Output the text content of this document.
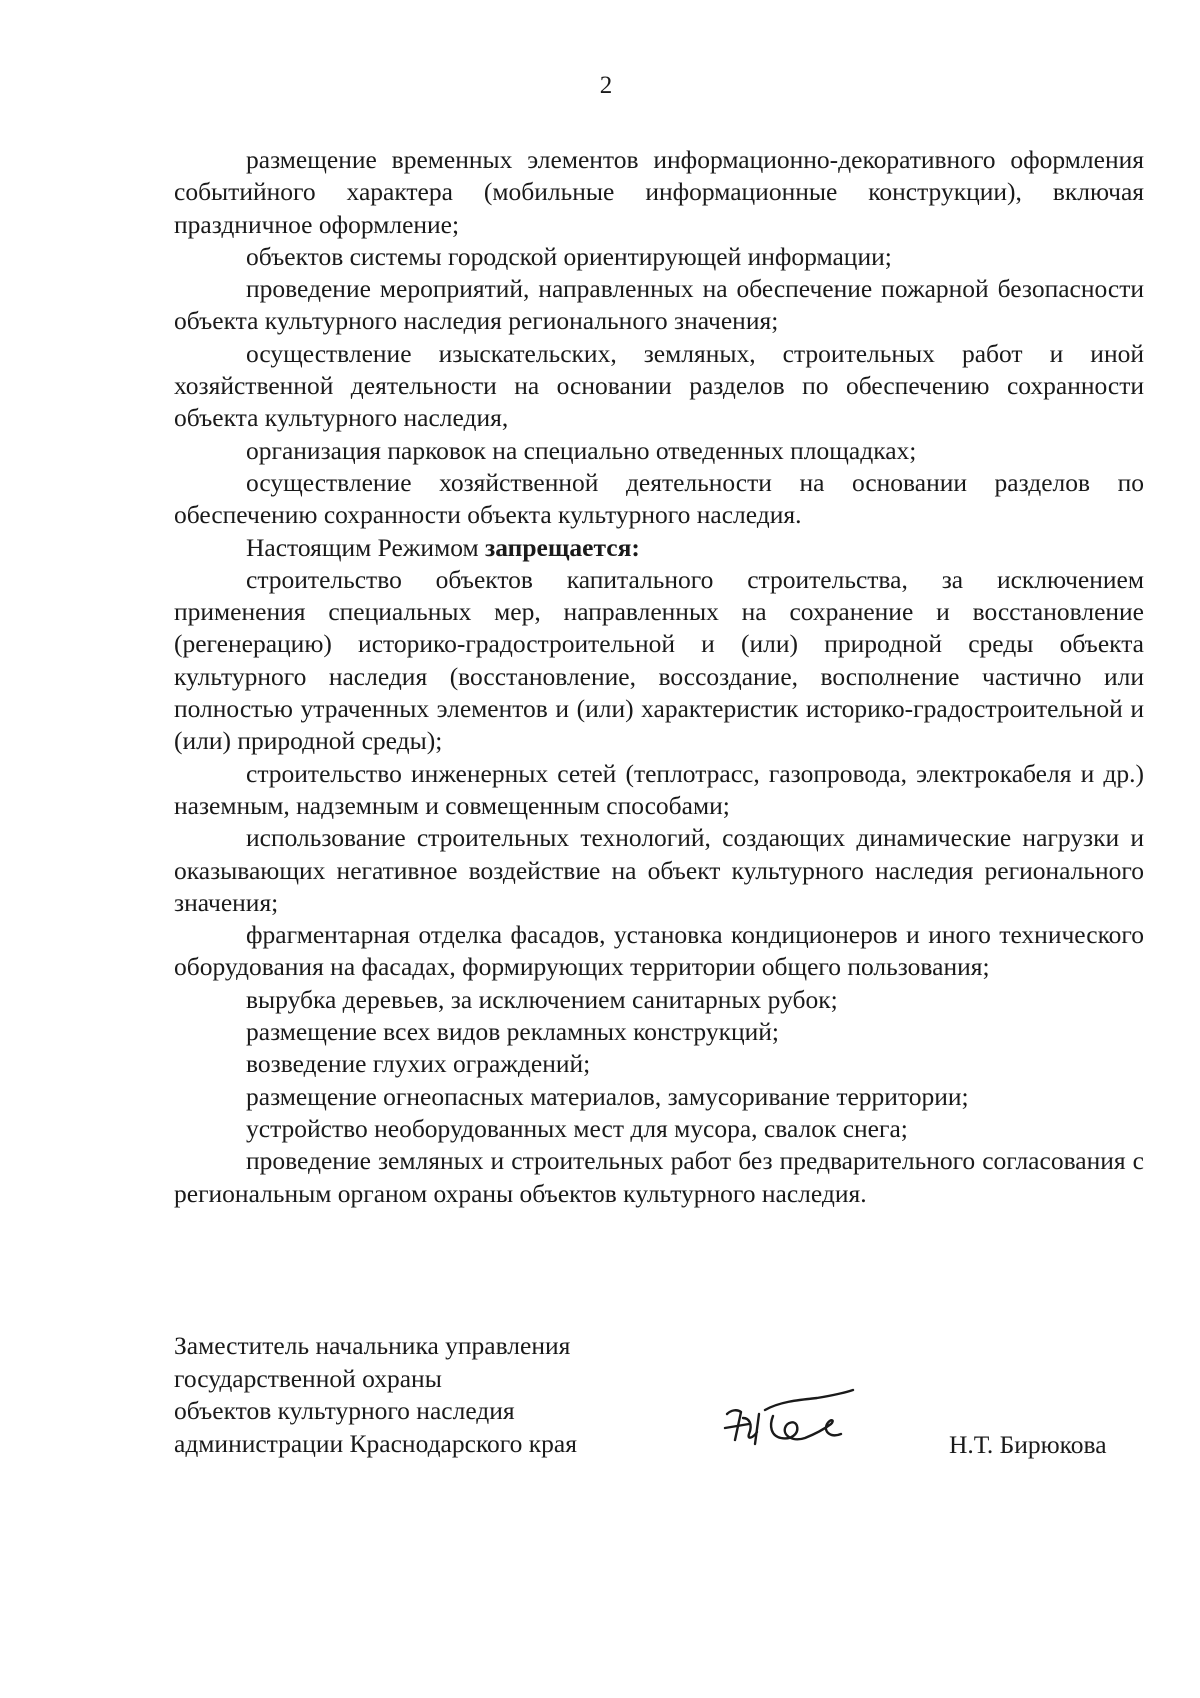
2

размещение временных элементов информационно-декоративного оформления событийного характера (мобильные информационные конструкции), включая праздничное оформление;

объектов системы городской ориентирующей информации;

проведение мероприятий, направленных на обеспечение пожарной безопасности объекта культурного наследия регионального значения;

осуществление изыскательских, земляных, строительных работ и иной хозяйственной деятельности на основании разделов по обеспечению сохранности объекта культурного наследия,

организация парковок на специально отведенных площадках;

осуществление хозяйственной деятельности на основании разделов по обеспечению сохранности объекта культурного наследия.

Настоящим Режимом запрещается:

строительство объектов капитального строительства, за исключением применения специальных мер, направленных на сохранение и восстановление (регенерацию) историко-градостроительной и (или) природной среды объекта культурного наследия (восстановление, воссоздание, восполнение частично или полностью утраченных элементов и (или) характеристик историко-градостроительной и (или) природной среды);

строительство инженерных сетей (теплотрасс, газопровода, электрокабеля и др.) наземным, надземным и совмещенным способами;

использование строительных технологий, создающих динамические нагрузки и оказывающих негативное воздействие на объект культурного наследия регионального значения;

фрагментарная отделка фасадов, установка кондиционеров и иного технического оборудования на фасадах, формирующих территории общего пользования;

вырубка деревьев, за исключением санитарных рубок;

размещение всех видов рекламных конструкций;

возведение глухих ограждений;

размещение огнеопасных материалов, замусоривание территории;

устройство необорудованных мест для мусора, свалок снега;

проведение земляных и строительных работ без предварительного согласования с региональным органом охраны объектов культурного наследия.

Заместитель начальника управления
государственной охраны
объектов культурного наследия
администрации Краснодарского края	Н.Т. Бирюкова
